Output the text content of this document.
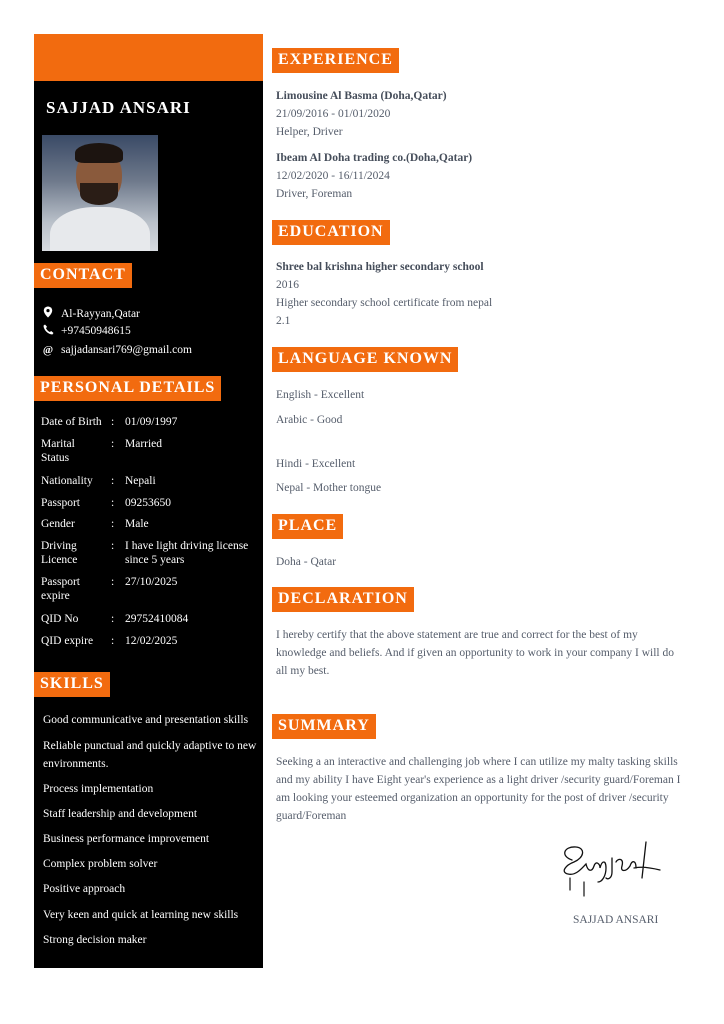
SAJJAD ANSARI
CONTACT
Al-Rayyan,Qatar
+97450948615
@ sajjadansari769@gmail.com
PERSONAL DETAILS
Date of Birth : 01/09/1997
Marital Status
: Married
Nationality	: Nepali
Passport	: 09253650
Gender	: Male
Driving Licence
: I have light driving license since 5 years
Passport expire
: 27/10/2025
QID No	: 29752410084
QID expire	: 12/02/2025
SKILLS
Good communicative and presentation skills
Reliable punctual and quickly adaptive to new environments.
Process implementation
Staff leadership and development
Business performance improvement
Complex problem solver
Positive approach
Very keen and quick at learning new skills
Strong decision maker
EXPERIENCE
Limousine Al Basma (Doha,Qatar)
21/09/2016 - 01/01/2020
Helper, Driver
Ibeam Al Doha trading co.(Doha,Qatar)
12/02/2020 - 16/11/2024
Driver, Foreman
EDUCATION
Shree bal krishna higher secondary school
2016
Higher secondary school certificate from nepal
2.1
LANGUAGE KNOWN
English - Excellent
Arabic - Good
Hindi - Excellent
Nepal - Mother tongue
PLACE
Doha - Qatar
DECLARATION
I hereby certify that the above statement are true and correct for the best of my knowledge and beliefs. And if given an opportunity to work in your company I will do all my best.
SUMMARY
Seeking a an interactive and challenging job where I can utilize my malty tasking skills and my ability I have Eight year's experience as a light driver /security guard/Foreman I am looking your esteemed organization an opportunity for the post of driver /security guard/Foreman
SAJJAD ANSARI
